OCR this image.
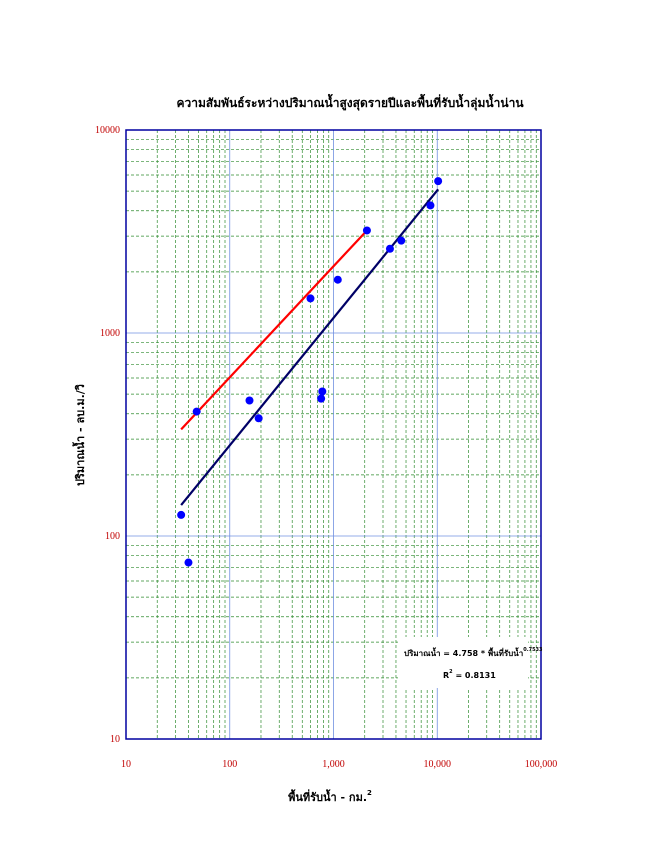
ความสัมพันธ์ระหว่างปริมาณน้ำสูงสุดรายปีและพื้นที่รับน้ำลุ่มน้ำน่าน
10
100
1000
10000
10	100	1,000	10,000	100,000
พื้นที่รับน้ำ - กม.$^2$
ปริมาณน้ำ - ลบ.ม./วิ
ปริมาณน้ำ = 4.758 * พื้นที่รับน้ำ$^{0.7533}$
$R^2 = 0.8131$
